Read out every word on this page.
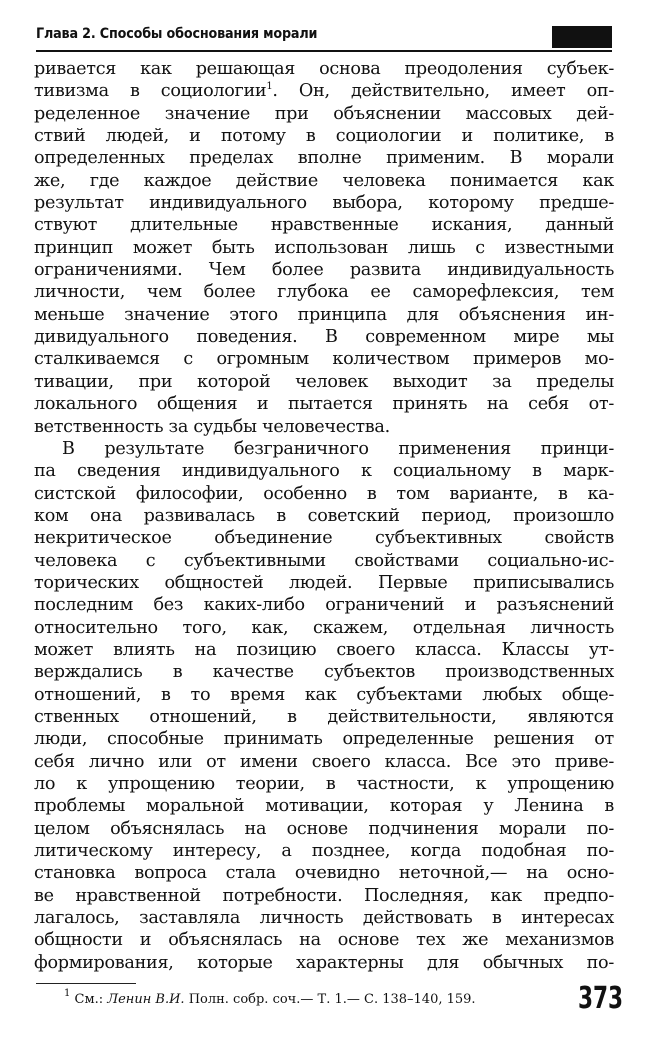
Глава 2. Способы обоснования морали
ривается как решающая основа преодоления субъек-
тивизма в социологии$^1$. Он, действительно, имеет оп-
ределенное значение при объяснении массовых дей-
ствий людей, и потому в социологии и политике, в
определенных пределах вполне применим. В морали
же, где каждое действие человека понимается как
результат индивидуального выбора, которому предше-
ствуют длительные нравственные искания, данный
принцип может быть использован лишь с известными
ограничениями. Чем более развита индивидуальность
личности, чем более глубока ее саморефлексия, тем
меньше значение этого принципа для объяснения ин-
дивидуального поведения. В современном мире мы
сталкиваемся с огромным количеством примеров мо-
тивации, при которой человек выходит за пределы
локального общения и пытается принять на себя от-
ветственность за судьбы человечества.
В результате безграничного применения принци-
па сведения индивидуального к социальному в марк-
систской философии, особенно в том варианте, в ка-
ком она развивалась в советский период, произошло
некритическое объединение субъективных свойств
человека с субъективными свойствами социально-ис-
торических общностей людей. Первые приписывались
последним без каких-либо ограничений и разъяснений
относительно того, как, скажем, отдельная личность
может влиять на позицию своего класса. Классы ут-
верждались в качестве субъектов производственных
отношений, в то время как субъектами любых обще-
ственных отношений, в действительности, являются
люди, способные принимать определенные решения от
себя лично или от имени своего класса. Все это приве-
ло к упрощению теории, в частности, к упрощению
проблемы моральной мотивации, которая у Ленина в
целом объяснялась на основе подчинения морали по-
литическому интересу, а позднее, когда подобная по-
становка вопроса стала очевидно неточной,— на осно-
ве нравственной потребности. Последняя, как предпо-
лагалось, заставляла личность действовать в интересах
общности и объяснялась на основе тех же механизмов
формирования, которые характерны для обычных по-
$^1$ См.: Ленин В.И. Полн. собр. соч.— Т. 1.— С. 138–140, 159.	373
